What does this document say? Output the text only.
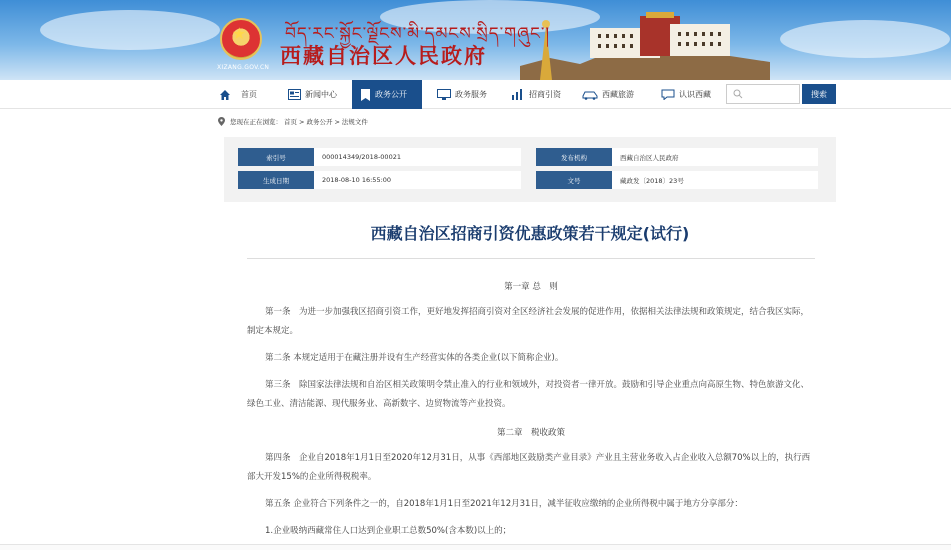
★
XIZANG.GOV.CN
བོད་རང་སྐྱོང་ལྗོངས་མི་དམངས་སྲིད་གཞུང་།
西藏自治区人民政府
首页	新闻中心	政务公开	政务服务	招商引资	西藏旅游	认识西藏	搜索
您现在正在浏览： 首页 > 政务公开 > 法规文件
索引号	000014349/2018-00021	发布机构	西藏自治区人民政府
生成日期	2018-08-10 16:55:00	文号	藏政发〔2018〕23号
西藏自治区招商引资优惠政策若干规定(试行)
第一章 总　则
第一条　为进一步加强我区招商引资工作，更好地发挥招商引资对全区经济社会发展的促进作用，依据相关法律法规和政策规定，结合我区实际，制定本规定。
第二条 本规定适用于在藏注册并设有生产经营实体的各类企业(以下简称企业)。
第三条　除国家法律法规和自治区相关政策明令禁止准入的行业和领域外，对投资者一律开放。鼓励和引导企业重点向高原生物、特色旅游文化、绿色工业、清洁能源、现代服务业、高新数字、边贸物流等产业投资。
第二章　税收政策
第四条　企业自2018年1月1日至2020年12月31日，从事《西部地区鼓励类产业目录》产业且主营业务收入占企业收入总额70%以上的，执行西部大开发15%的企业所得税税率。
第五条 企业符合下列条件之一的，自2018年1月1日至2021年12月31日，减半征收应缴纳的企业所得税中属于地方分享部分：
1.企业吸纳西藏常住人口达到企业职工总数50%(含本数)以上的；
